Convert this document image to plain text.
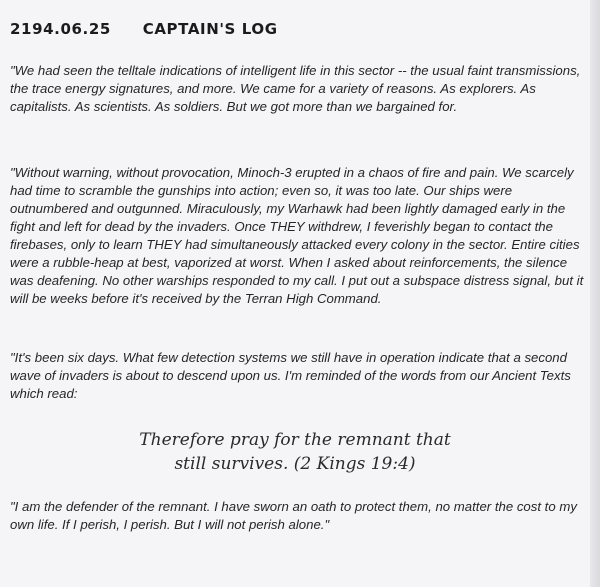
2194.06.25 CAPTAIN'S LOG

"We had seen the telltale indications of intelligent life in this sector -- the usual faint transmissions, the trace energy signatures, and more. We came for a variety of reasons. As explorers. As capitalists. As scientists. As soldiers. But we got more than we bargained for.

"Without warning, without provocation, Minoch-3 erupted in a chaos of fire and pain. We scarcely had time to scramble the gunships into action; even so, it was too late. Our ships were outnumbered and outgunned. Miraculously, my Warhawk had been lightly damaged early in the fight and left for dead by the invaders. Once THEY withdrew, I feverishly began to contact the firebases, only to learn THEY had simultaneously attacked every colony in the sector. Entire cities were a rubble-heap at best, vaporized at worst. When I asked about reinforcements, the silence was deafening. No other warships responded to my call. I put out a subspace distress signal, but it will be weeks before it's received by the Terran High Command.

"It's been six days. What few detection systems we still have in operation indicate that a second wave of invaders is about to descend upon us. I'm reminded of the words from our Ancient Texts which read:

Therefore pray for the remnant that
still survives. (2 Kings 19:4)

"I am the defender of the remnant. I have sworn an oath to protect them, no matter the cost to my own life. If I perish, I perish. But I will not perish alone."
